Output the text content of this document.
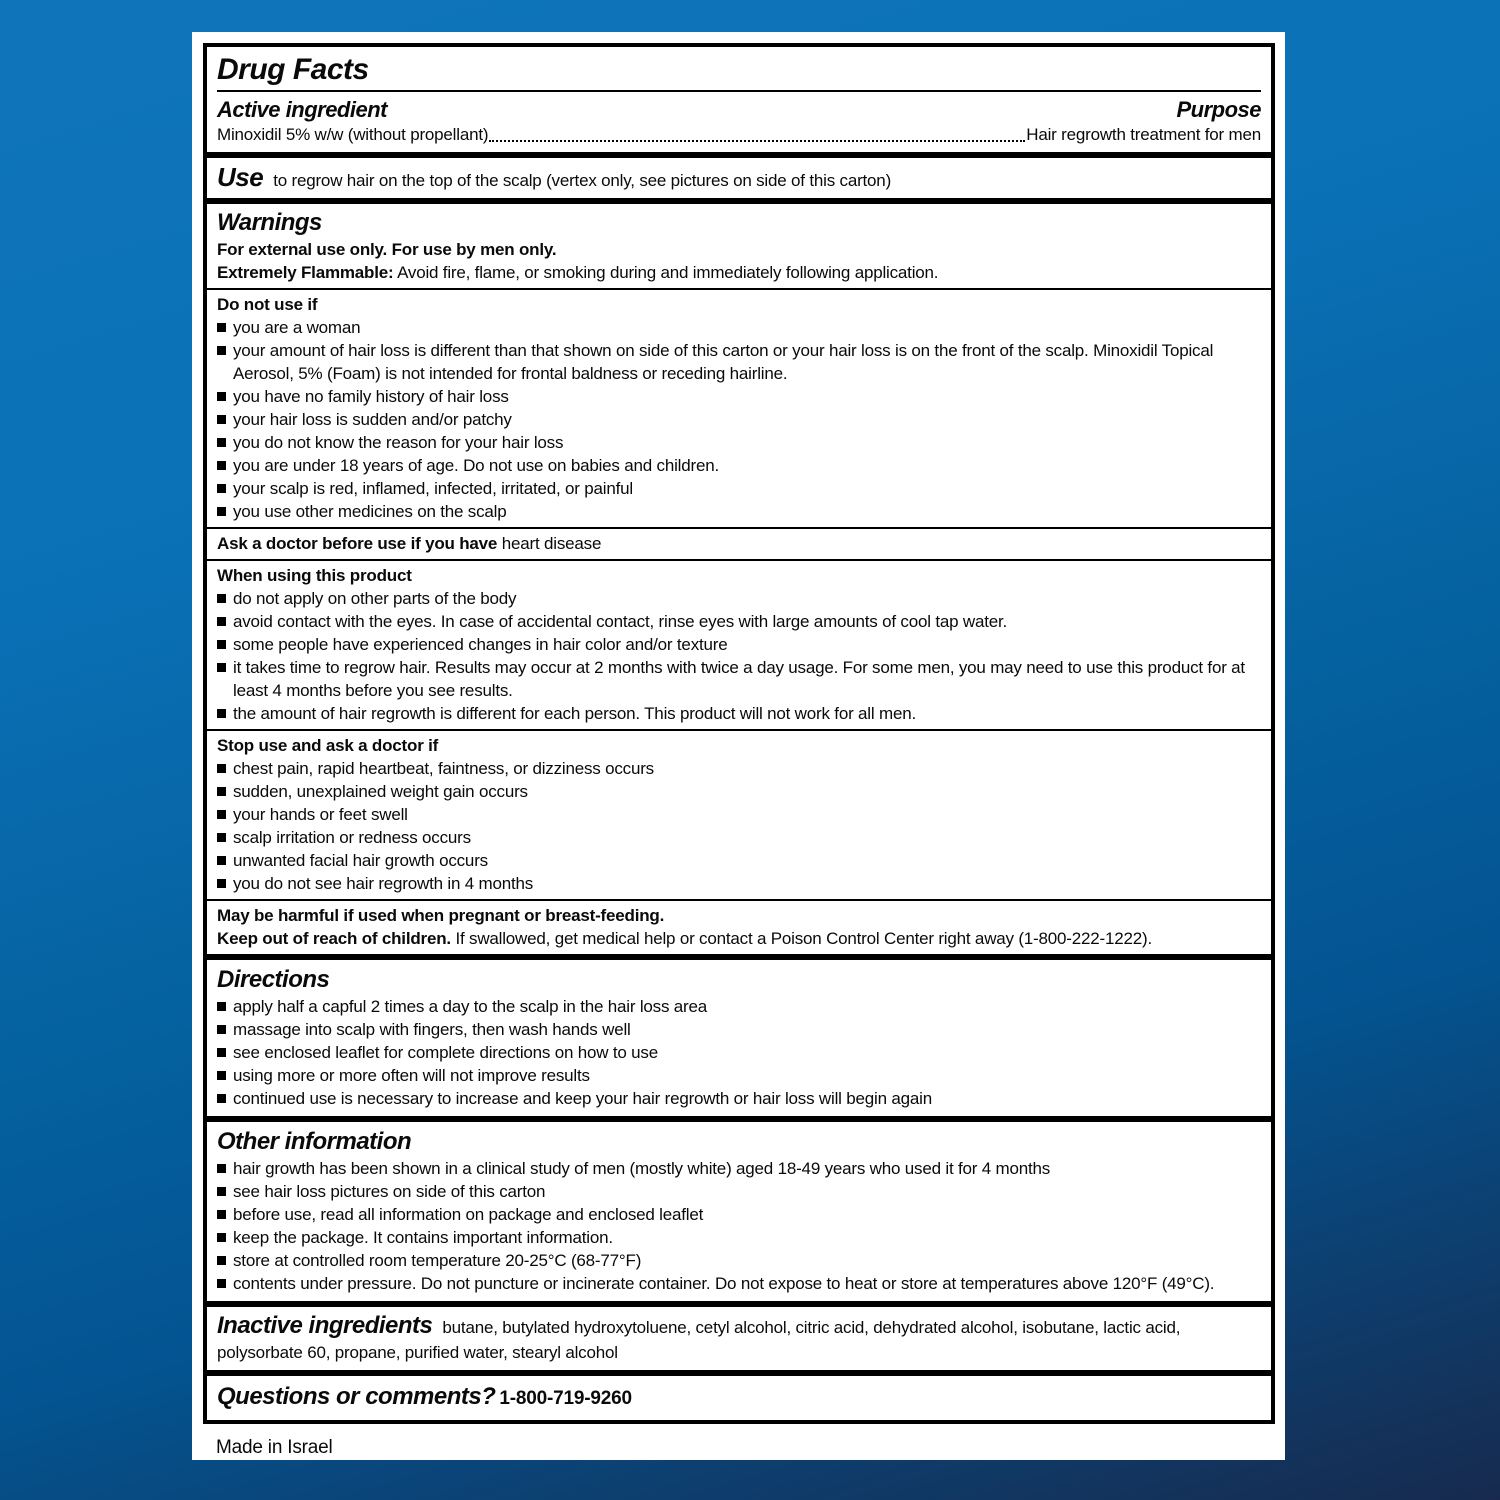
Drug Facts
Active ingredient	Purpose
Minoxidil 5% w/w (without propellant)	Hair regrowth treatment for men
Use to regrow hair on the top of the scalp (vertex only, see pictures on side of this carton)
Warnings

For external use only. For use by men only.

Extremely Flammable: Avoid fire, flame, or smoking during and immediately following application.

Do not use if

you are a woman
your amount of hair loss is different than that shown on side of this carton or your hair loss is on the front of the scalp. Minoxidil Topical Aerosol, 5% (Foam) is not intended for frontal baldness or receding hairline.
you have no family history of hair loss
your hair loss is sudden and/or patchy
you do not know the reason for your hair loss
you are under 18 years of age. Do not use on babies and children.
your scalp is red, inflamed, infected, irritated, or painful
you use other medicines on the scalp

Ask a doctor before use if you have heart disease

When using this product

do not apply on other parts of the body
avoid contact with the eyes. In case of accidental contact, rinse eyes with large amounts of cool tap water.
some people have experienced changes in hair color and/or texture
it takes time to regrow hair. Results may occur at 2 months with twice a day usage. For some men, you may need to use this product for at least 4 months before you see results.
the amount of hair regrowth is different for each person. This product will not work for all men.

Stop use and ask a doctor if

chest pain, rapid heartbeat, faintness, or dizziness occurs
sudden, unexplained weight gain occurs
your hands or feet swell
scalp irritation or redness occurs
unwanted facial hair growth occurs
you do not see hair regrowth in 4 months

May be harmful if used when pregnant or breast-feeding.

Keep out of reach of children. If swallowed, get medical help or contact a Poison Control Center right away (1-800-222-1222).

Directions
apply half a capful 2 times a day to the scalp in the hair loss area
massage into scalp with fingers, then wash hands well
see enclosed leaflet for complete directions on how to use
using more or more often will not improve results
continued use is necessary to increase and keep your hair regrowth or hair loss will begin again
Other information
hair growth has been shown in a clinical study of men (mostly white) aged 18-49 years who used it for 4 months
see hair loss pictures on side of this carton
before use, read all information on package and enclosed leaflet
keep the package. It contains important information.
store at controlled room temperature 20-25°C (68-77°F)
contents under pressure. Do not puncture or incinerate container. Do not expose to heat or store at temperatures above 120°F (49°C).
Inactive ingredients butane, butylated hydroxytoluene, cetyl alcohol, citric acid, dehydrated alcohol, isobutane, lactic acid, polysorbate 60, propane, purified water, stearyl alcohol
Questions or comments? 1-800-719-9260
Made in Israel
